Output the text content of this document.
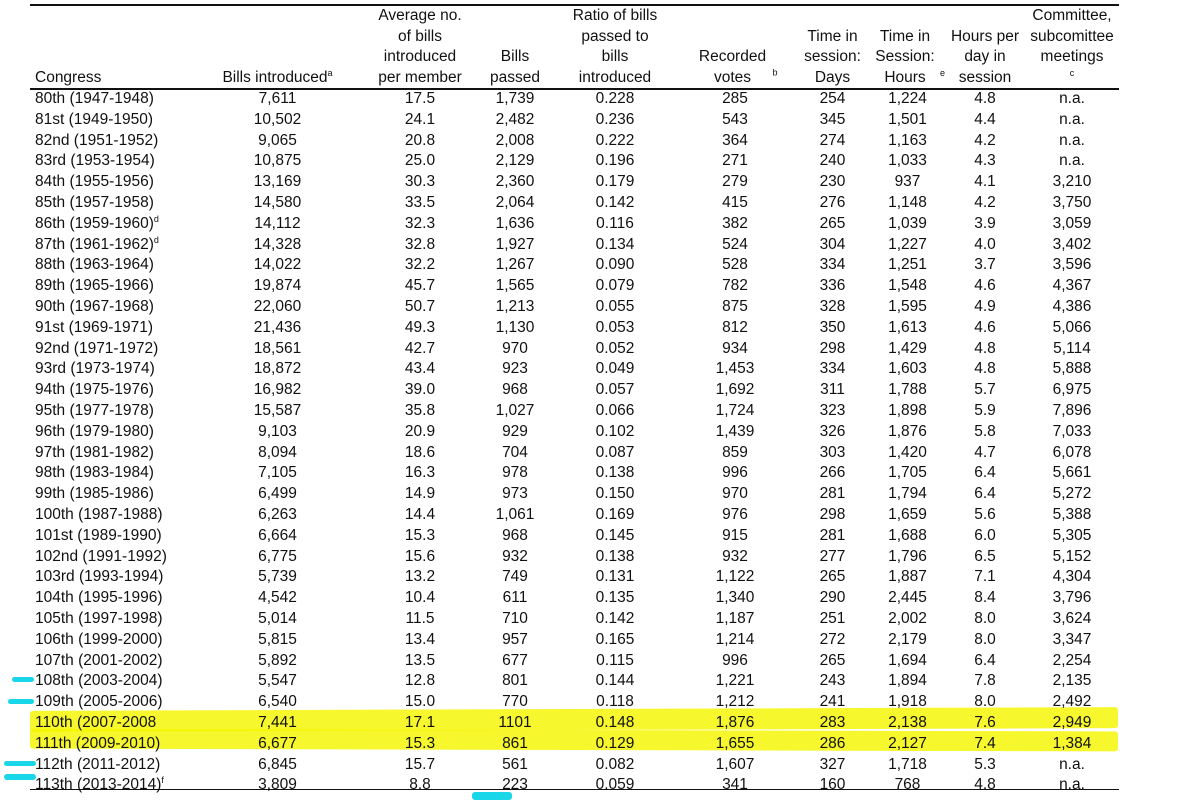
Congress	Bills introduced$^a$	Average no. of bills introduced per member	Bills passed	Ratio of bills passed to bills introduced	Recorded votes $^b$	Time in session: Days	Time in Session: Hours $^e$	Hours per day in session	Committee, subcomittee meetings$^c$
80th (1947-1948)	7,611	17.5	1,739	0.228	285	254	1,224	4.8	n.a.
81st (1949-1950)	10,502	24.1	2,482	0.236	543	345	1,501	4.4	n.a.
82nd (1951-1952)	9,065	20.8	2,008	0.222	364	274	1,163	4.2	n.a.
83rd (1953-1954)	10,875	25.0	2,129	0.196	271	240	1,033	4.3	n.a.
84th (1955-1956)	13,169	30.3	2,360	0.179	279	230	937	4.1	3,210
85th (1957-1958)	14,580	33.5	2,064	0.142	415	276	1,148	4.2	3,750
86th (1959-1960)$^d$	14,112	32.3	1,636	0.116	382	265	1,039	3.9	3,059
87th (1961-1962)$^d$	14,328	32.8	1,927	0.134	524	304	1,227	4.0	3,402
88th (1963-1964)	14,022	32.2	1,267	0.090	528	334	1,251	3.7	3,596
89th (1965-1966)	19,874	45.7	1,565	0.079	782	336	1,548	4.6	4,367
90th (1967-1968)	22,060	50.7	1,213	0.055	875	328	1,595	4.9	4,386
91st (1969-1971)	21,436	49.3	1,130	0.053	812	350	1,613	4.6	5,066
92nd (1971-1972)	18,561	42.7	970	0.052	934	298	1,429	4.8	5,114
93rd (1973-1974)	18,872	43.4	923	0.049	1,453	334	1,603	4.8	5,888
94th (1975-1976)	16,982	39.0	968	0.057	1,692	311	1,788	5.7	6,975
95th (1977-1978)	15,587	35.8	1,027	0.066	1,724	323	1,898	5.9	7,896
96th (1979-1980)	9,103	20.9	929	0.102	1,439	326	1,876	5.8	7,033
97th (1981-1982)	8,094	18.6	704	0.087	859	303	1,420	4.7	6,078
98th (1983-1984)	7,105	16.3	978	0.138	996	266	1,705	6.4	5,661
99th (1985-1986)	6,499	14.9	973	0.150	970	281	1,794	6.4	5,272
100th (1987-1988)	6,263	14.4	1,061	0.169	976	298	1,659	5.6	5,388
101st (1989-1990)	6,664	15.3	968	0.145	915	281	1,688	6.0	5,305
102nd (1991-1992)	6,775	15.6	932	0.138	932	277	1,796	6.5	5,152
103rd (1993-1994)	5,739	13.2	749	0.131	1,122	265	1,887	7.1	4,304
104th (1995-1996)	4,542	10.4	611	0.135	1,340	290	2,445	8.4	3,796
105th (1997-1998)	5,014	11.5	710	0.142	1,187	251	2,002	8.0	3,624
106th (1999-2000)	5,815	13.4	957	0.165	1,214	272	2,179	8.0	3,347
107th (2001-2002)	5,892	13.5	677	0.115	996	265	1,694	6.4	2,254
108th (2003-2004)	5,547	12.8	801	0.144	1,221	243	1,894	7.8	2,135
109th (2005-2006)	6,540	15.0	770	0.118	1,212	241	1,918	8.0	2,492
110th (2007-2008	7,441	17.1	1101	0.148	1,876	283	2,138	7.6	2,949
111th (2009-2010)	6,677	15.3	861	0.129	1,655	286	2,127	7.4	1,384
112th (2011-2012)	6,845	15.7	561	0.082	1,607	327	1,718	5.3	n.a.
113th (2013-2014)$^f$	3,809	8.8	223	0.059	341	160	768	4.8	n.a.
